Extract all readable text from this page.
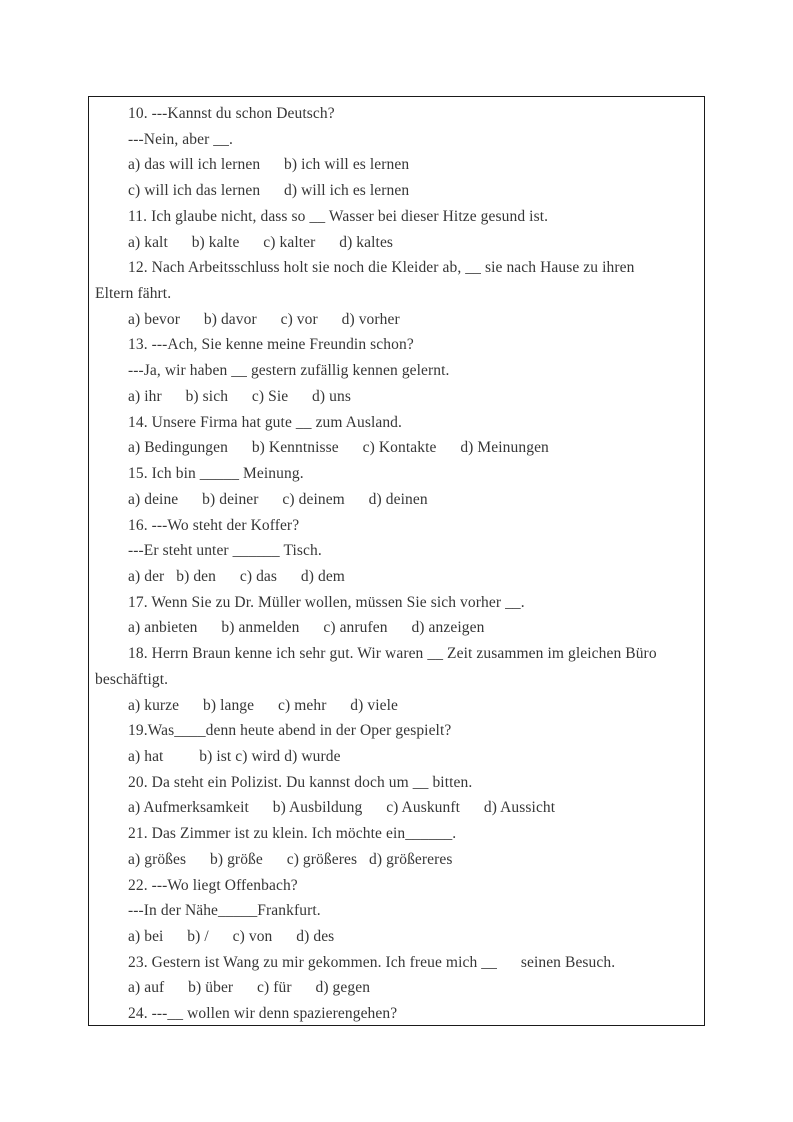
10. ---Kannst du schon Deutsch?
---Nein, aber __.
a) das will ich lernen      b) ich will es lernen
c) will ich das lernen      d) will ich es lernen
11. Ich glaube nicht, dass so __ Wasser bei dieser Hitze gesund ist.
a) kalt      b) kalte      c) kalter      d) kaltes
12. Nach Arbeitsschluss holt sie noch die Kleider ab, __ sie nach Hause zu ihren
Eltern fährt.
a) bevor      b) davor      c) vor      d) vorher
13. ---Ach, Sie kenne meine Freundin schon?
---Ja, wir haben __ gestern zufällig kennen gelernt.
a) ihr      b) sich      c) Sie      d) uns
14. Unsere Firma hat gute __ zum Ausland.
a) Bedingungen      b) Kenntnisse      c) Kontakte      d) Meinungen
15. Ich bin _____ Meinung.
a) deine      b) deiner      c) deinem      d) deinen
16. ---Wo steht der Koffer?
---Er steht unter ______ Tisch.
a) der   b) den      c) das      d) dem
17. Wenn Sie zu Dr. Müller wollen, müssen Sie sich vorher __.
a) anbieten      b) anmelden      c) anrufen      d) anzeigen
18. Herrn Braun kenne ich sehr gut. Wir waren __ Zeit zusammen im gleichen Büro
beschäftigt.
a) kurze      b) lange      c) mehr      d) viele
19.Was____denn heute abend in der Oper gespielt?
a) hat         b) ist c) wird d) wurde
20. Da steht ein Polizist. Du kannst doch um __ bitten.
a) Aufmerksamkeit      b) Ausbildung      c) Auskunft      d) Aussicht
21. Das Zimmer ist zu klein. Ich möchte ein______.
a) größes      b) größe      c) größeres   d) größereres
22. ---Wo liegt Offenbach?
---In der Nähe_____Frankfurt.
a) bei      b) /      c) von      d) des
23. Gestern ist Wang zu mir gekommen. Ich freue mich __      seinen Besuch.
a) auf      b) über      c) für      d) gegen
24. ---__ wollen wir denn spazierengehen?
